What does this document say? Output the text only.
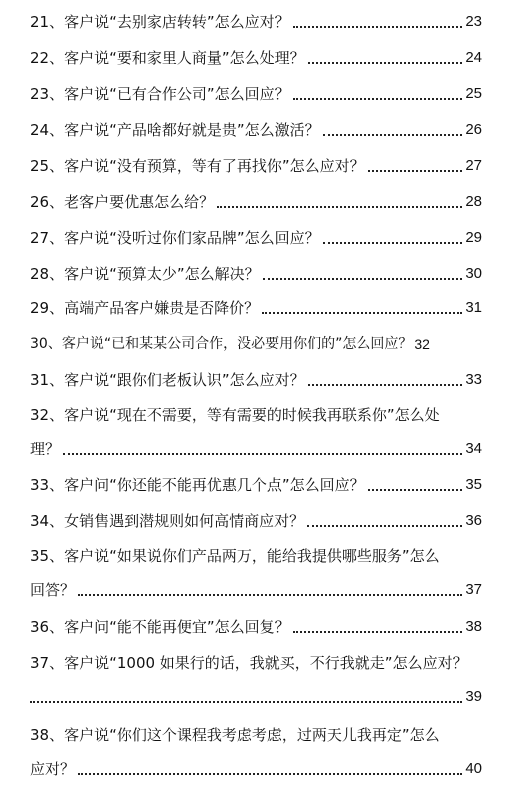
21、客户说“去别家店转转”怎么应对？	23
22、客户说“要和家里人商量”怎么处理？	24
23、客户说“已有合作公司”怎么回应？	25
24、客户说“产品啥都好就是贵”怎么激活？	26
25、客户说“没有预算，等有了再找你”怎么应对？	27
26、老客户要优惠怎么给？	28
27、客户说“没听过你们家品牌”怎么回应？	29
28、客户说“预算太少”怎么解决？	30
29、高端产品客户嫌贵是否降价？	31
30、客户说“已和某某公司合作，没必要用你们的”怎么回应？ 32
31、客户说“跟你们老板认识”怎么应对？	33
32、客户说“现在不需要，等有需要的时候我再联系你”怎么处
理？	34
33、客户问“你还能不能再优惠几个点”怎么回应？	35
34、女销售遇到潜规则如何高情商应对？	36
35、客户说“如果说你们产品两万，能给我提供哪些服务”怎么
回答？	37
36、客户问“能不能再便宜”怎么回复？	38
37、客户说“1000 如果行的话，我就买，不行我就走”怎么应对？
39
38、客户说“你们这个课程我考虑考虑，过两天儿我再定”怎么
应对？	40
